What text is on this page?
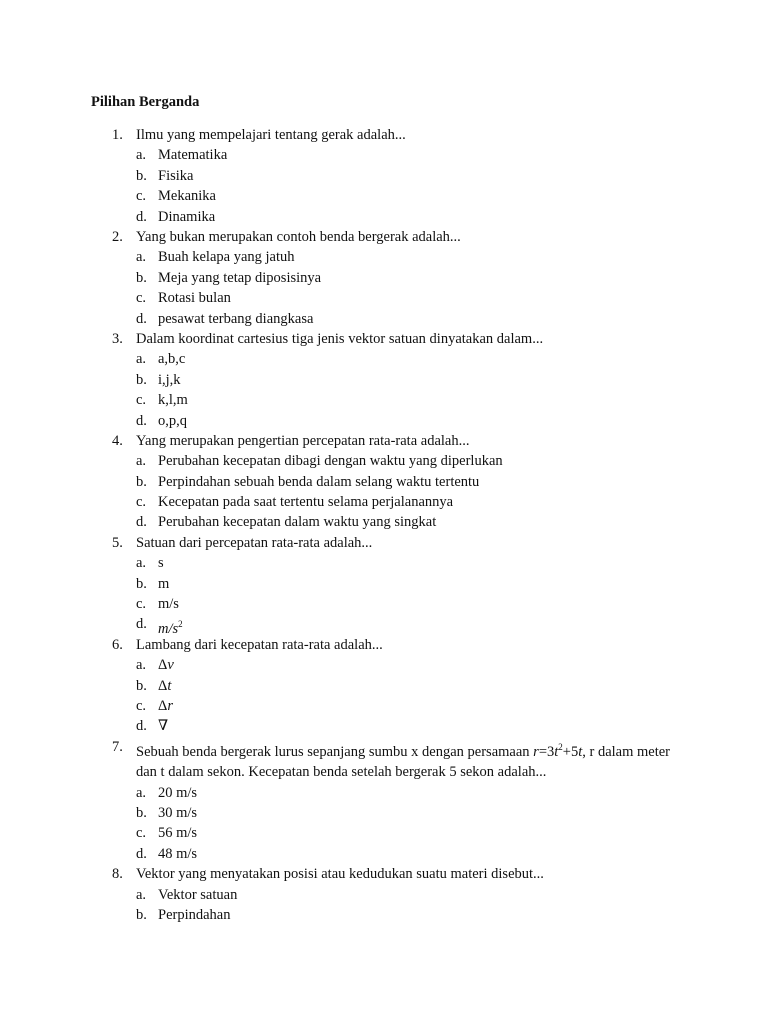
Pilihan Berganda
1. Ilmu yang mempelajari tentang gerak adalah...
a. Matematika
b. Fisika
c. Mekanika
d. Dinamika
2. Yang bukan merupakan contoh benda bergerak adalah...
a. Buah kelapa yang jatuh
b. Meja yang tetap diposisinya
c. Rotasi bulan
d. pesawat terbang diangkasa
3. Dalam koordinat cartesius tiga jenis vektor satuan dinyatakan dalam...
a. a,b,c
b. i,j,k
c. k,l,m
d. o,p,q
4. Yang merupakan pengertian percepatan rata-rata adalah...
a. Perubahan kecepatan dibagi dengan waktu yang diperlukan
b. Perpindahan sebuah benda dalam selang waktu tertentu
c. Kecepatan pada saat tertentu selama perjalanannya
d. Perubahan kecepatan dalam waktu yang singkat
5. Satuan dari percepatan rata-rata adalah...
a. s
b. m
c. m/s
d. $m/s^2$
6. Lambang dari kecepatan rata-rata adalah...
a. Δv
b. Δt
c. Δr
d. ∇
7. Sebuah benda bergerak lurus sepanjang sumbu x dengan persamaan $r=3t^2+5t$, r dalam meter dan t dalam sekon. Kecepatan benda setelah bergerak 5 sekon adalah...
a. 20 m/s
b. 30 m/s
c. 56 m/s
d. 48 m/s
8. Vektor yang menyatakan posisi atau kedudukan suatu materi disebut...
a. Vektor satuan
b. Perpindahan
